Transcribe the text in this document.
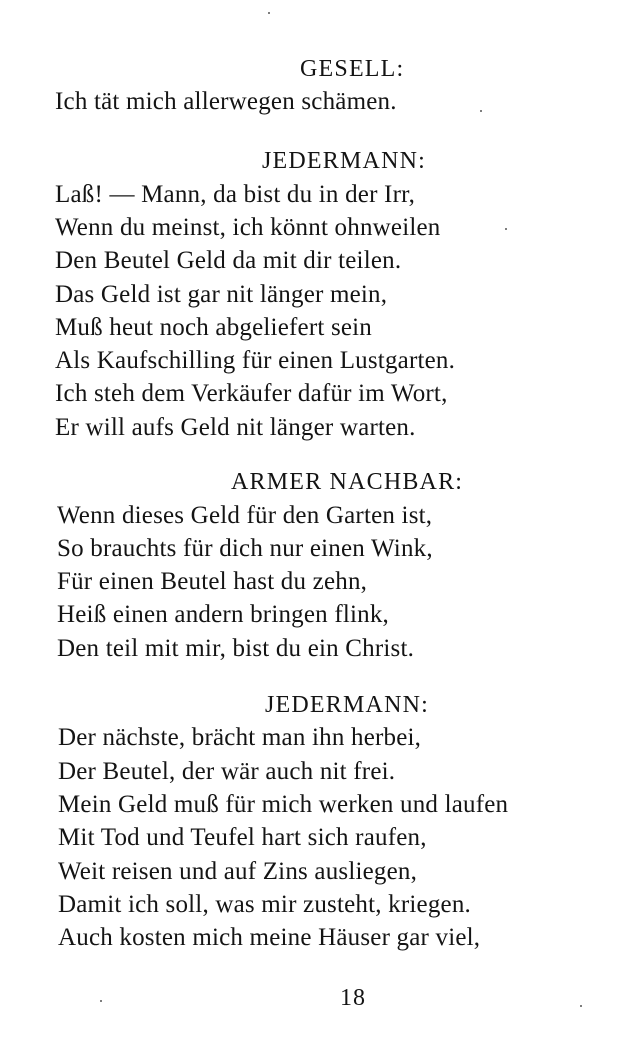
GESELL:
Ich tät mich allerwegen schämen.
JEDERMANN:
Laß! — Mann, da bist du in der Irr,
Wenn du meinst, ich könnt ohnweilen
Den Beutel Geld da mit dir teilen.
Das Geld ist gar nit länger mein,
Muß heut noch abgeliefert sein
Als Kaufschilling für einen Lustgarten.
Ich steh dem Verkäufer dafür im Wort,
Er will aufs Geld nit länger warten.
ARMER NACHBAR:
Wenn dieses Geld für den Garten ist,
So brauchts für dich nur einen Wink,
Für einen Beutel hast du zehn,
Heiß einen andern bringen flink,
Den teil mit mir, bist du ein Christ.
JEDERMANN:
Der nächste, brächt man ihn herbei,
Der Beutel, der wär auch nit frei.
Mein Geld muß für mich werken und laufen
Mit Tod und Teufel hart sich raufen,
Weit reisen und auf Zins ausliegen,
Damit ich soll, was mir zusteht, kriegen.
Auch kosten mich meine Häuser gar viel,
18
